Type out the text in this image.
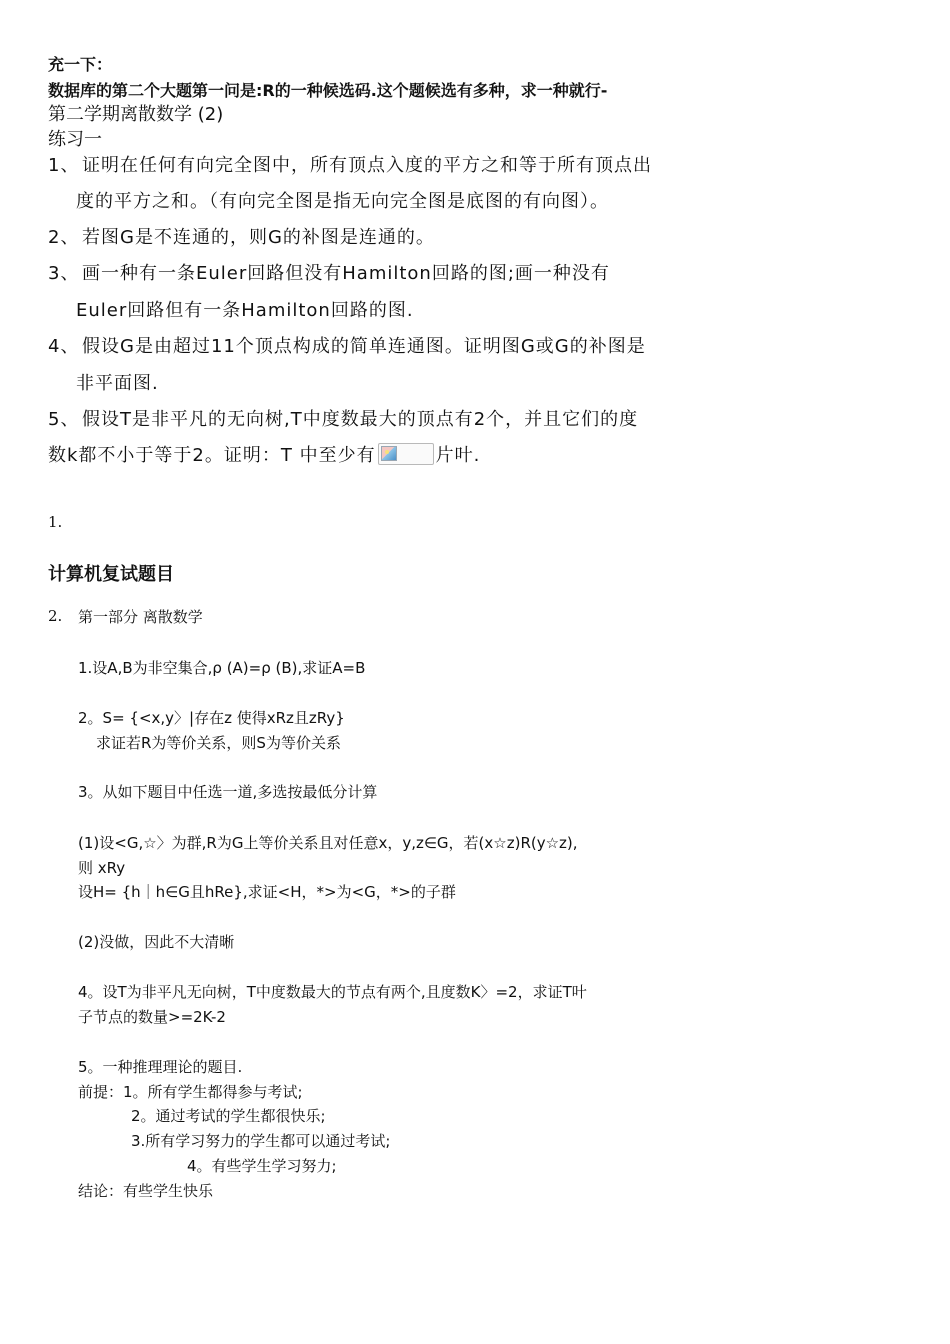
充一下：
数据库的第二个大题第一问是:R的一种候选码.这个题候选有多种，求一种就行-
第二学期离散数学 (2)
练习一
1、 证明在任何有向完全图中，所有顶点入度的平方之和等于所有顶点出
度的平方之和。（有向完全图是指无向完全图是底图的有向图）。
2、 若图G是不连通的，则G的补图是连通的。
3、 画一种有一条Euler回路但没有Hamilton回路的图;画一种没有
Euler回路但有一条Hamilton回路的图.
4、 假设G是由超过11个顶点构成的简单连通图。证明图G或G的补图是
非平面图.
5、 假设T是非平凡的无向树,T中度数最大的顶点有2个，并且它们的度
数k都不小于等于2。证明：T 中至少有	片叶.
1.
计算机复试题目
2. 第一部分 离散数学
1.设A,B为非空集合,ρ (A)=ρ (B),求证A=B
2。S= {<x,y〉|存在z 使得xRz且zRy}
求证若R为等价关系，则S为等价关系
3。从如下题目中任选一道,多选按最低分计算
(1)设<G,☆〉为群,R为G上等价关系且对任意x，y,z∈G，若(x☆z)R(y☆z),
则 xRy
设H= {h｜h∈G且hRe},求证<H，*>为<G，*>的子群
(2)没做，因此不大清晰
4。设T为非平凡无向树，T中度数最大的节点有两个,且度数K〉=2，求证T叶
子节点的数量>=2K-2
5。一种推理理论的题目.
前提：1。所有学生都得参与考试;
2。通过考试的学生都很快乐;
3.所有学习努力的学生都可以通过考试;
4。有些学生学习努力;
结论：有些学生快乐
